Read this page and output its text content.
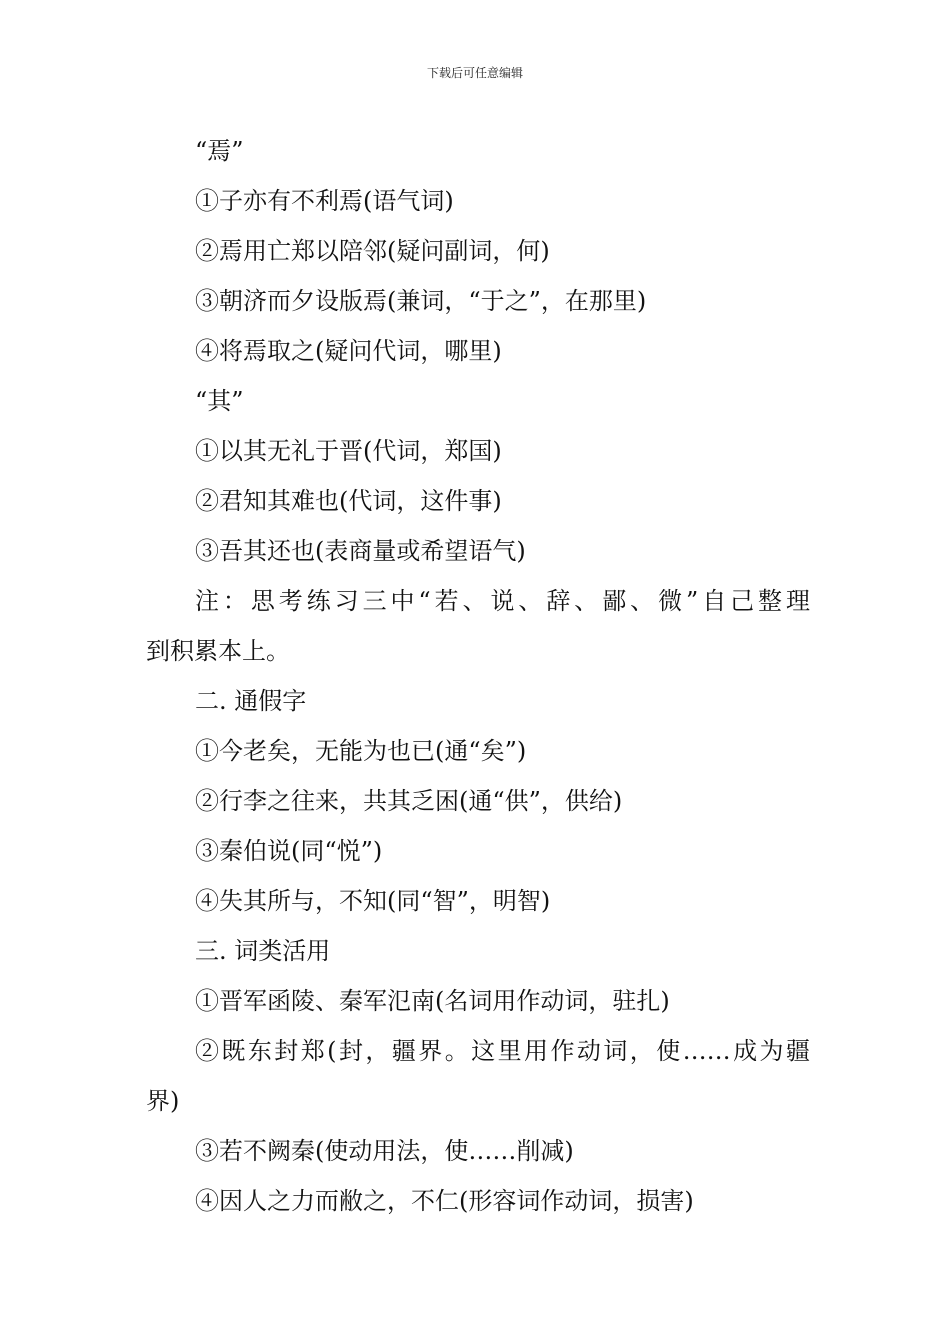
下载后可任意编辑
“焉”
①子亦有不利焉(语气词)
②焉用亡郑以陪邻(疑问副词，何)
③朝济而夕设版焉(兼词，“于之”，在那里)
④将焉取之(疑问代词，哪里)
“其”
①以其无礼于晋(代词，郑国)
②君知其难也(代词，这件事)
③吾其还也(表商量或希望语气)
注：思考练习三中“若、说、辞、鄙、微”自己整理
到积累本上。
二. 通假字
①今老矣，无能为也已(通“矣”)
②行李之往来，共其乏困(通“供”，供给)
③秦伯说(同“悦”)
④失其所与，不知(同“智”，明智)
三. 词类活用
①晋军函陵、秦军氾南(名词用作动词，驻扎)
②既东封郑(封，疆界。这里用作动词，使……成为疆
界)
③若不阙秦(使动用法，使……削减)
④因人之力而敝之，不仁(形容词作动词，损害)
